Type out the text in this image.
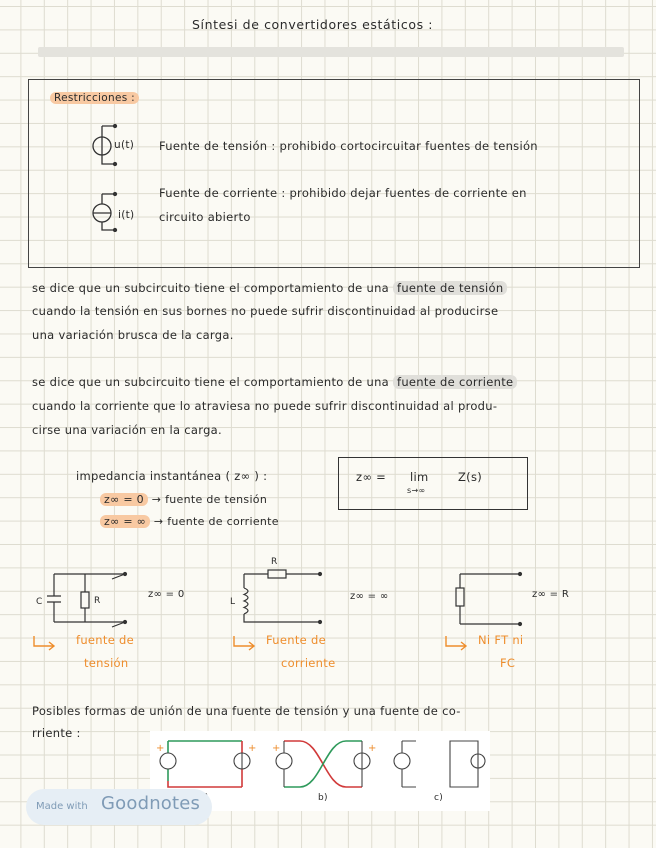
Síntesi de convertidores estáticos :
Restricciones :
u(t) Fuente de tensión : prohibido cortocircuitar fuentes de tensión
i(t)
Fuente de corriente : prohibido dejar fuentes de corriente en
circuito abierto
se dice que un subcircuito tiene el comportamiento de una fuente de tensión
cuando la tensión en sus bornes no puede sufrir discontinuidad al producirse
una variación brusca de la carga.
se dice que un subcircuito tiene el comportamiento de una fuente de corriente
cuando la corriente que lo atraviesa no puede sufrir discontinuidad al produ-
cirse una variación en la carga.
impedancia instantánea ( z∞ ) :
z∞ = 0 → fuente de tensión
z∞ = ∞ → fuente de corriente
z∞ = lim
s→∞
Z(s)
C	R
z∞ = 0
fuente de
tensión
R
L	z∞ = ∞
Fuente de
corriente
z∞ = R
Ni FT ni
FC
Posibles formas de unión de una fuente de tensión y una fuente de co-
rriente :
+	+ +	+
b)	c)
Made with Goodnotes
